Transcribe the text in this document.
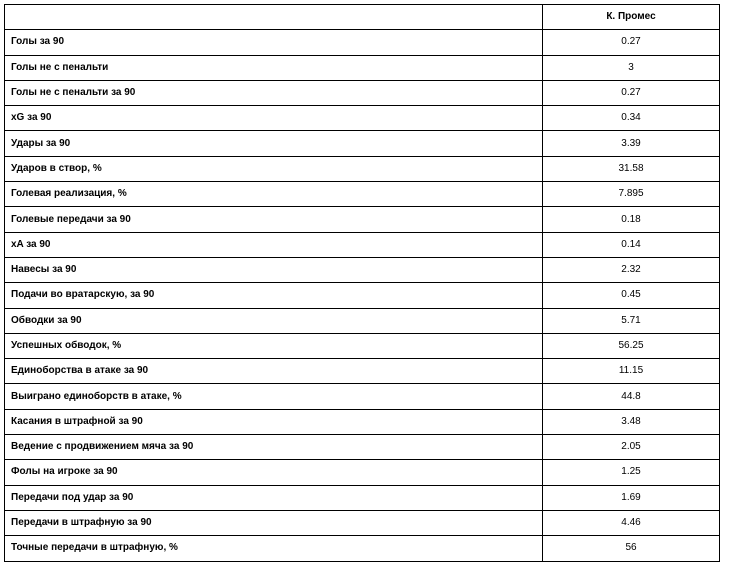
	К. Промес
Голы за 90	0.27
Голы не с пенальти	3
Голы не с пенальти за 90	0.27
xG за 90	0.34
Удары за 90	3.39
Ударов в створ, %	31.58
Голевая реализация, %	7.895
Голевые передачи за 90	0.18
xA за 90	0.14
Навесы за 90	2.32
Подачи во вратарскую, за 90	0.45
Обводки за 90	5.71
Успешных обводок, %	56.25
Единоборства в атаке за 90	11.15
Выиграно единоборств в атаке, %	44.8
Касания в штрафной за 90	3.48
Ведение с продвижением мяча за 90	2.05
Фолы на игроке за 90	1.25
Передачи под удар за 90	1.69
Передачи в штрафную за 90	4.46
Точные передачи в штрафную, %	56
